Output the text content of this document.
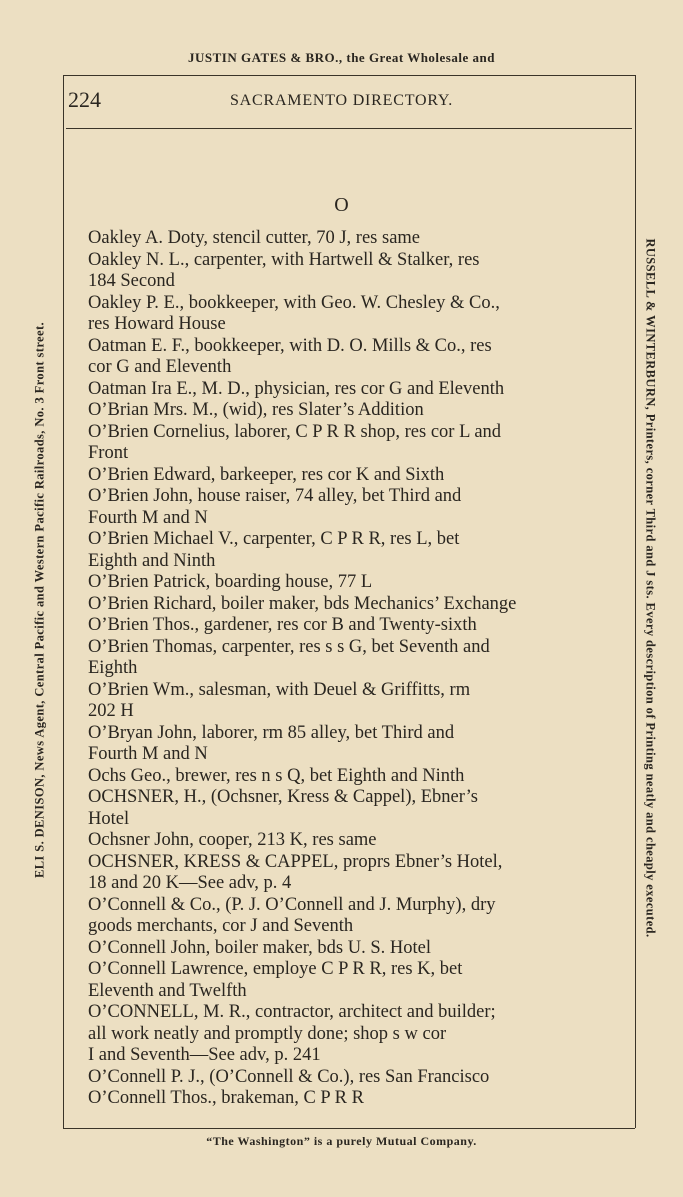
JUSTIN GATES & BRO., the Great Wholesale and
224	SACRAMENTO DIRECTORY.
ELI S. DENISON, News Agent, Central Pacific and Western Pacific Railroads, No. 3 Front street.	RUSSELL & WINTERBURN, Printers, corner Third and J sts. Every description of Printing neatly and cheaply executed.
O
Oakley A. Doty, stencil cutter, 70 J, res same
Oakley N. L., carpenter, with Hartwell & Stalker, res
184 Second
Oakley P. E., bookkeeper, with Geo. W. Chesley & Co.,
res Howard House
Oatman E. F., bookkeeper, with D. O. Mills & Co., res
cor G and Eleventh
Oatman Ira E., M. D., physician, res cor G and Eleventh
O’Brian Mrs. M., (wid), res Slater’s Addition
O’Brien Cornelius, laborer, C P R R shop, res cor L and
Front
O’Brien Edward, barkeeper, res cor K and Sixth
O’Brien John, house raiser, 74 alley, bet Third and
Fourth M and N
O’Brien Michael V., carpenter, C P R R, res L, bet
Eighth and Ninth
O’Brien Patrick, boarding house, 77 L
O’Brien Richard, boiler maker, bds Mechanics’ Exchange
O’Brien Thos., gardener, res cor B and Twenty-sixth
O’Brien Thomas, carpenter, res s s G, bet Seventh and
Eighth
O’Brien Wm., salesman, with Deuel & Griffitts, rm
202 H
O’Bryan John, laborer, rm 85 alley, bet Third and
Fourth M and N
Ochs Geo., brewer, res n s Q, bet Eighth and Ninth
OCHSNER, H., (Ochsner, Kress & Cappel), Ebner’s
Hotel
Ochsner John, cooper, 213 K, res same
OCHSNER, KRESS & CAPPEL, proprs Ebner’s Hotel,
18 and 20 K—See adv, p. 4
O’Connell & Co., (P. J. O’Connell and J. Murphy), dry
goods merchants, cor J and Seventh
O’Connell John, boiler maker, bds U. S. Hotel
O’Connell Lawrence, employe C P R R, res K, bet
Eleventh and Twelfth
O’CONNELL, M. R., contractor, architect and builder;
all work neatly and promptly done; shop s w cor
I and Seventh—See adv, p. 241
O’Connell P. J., (O’Connell & Co.), res San Francisco
O’Connell Thos., brakeman, C P R R
“The Washington” is a purely Mutual Company.
